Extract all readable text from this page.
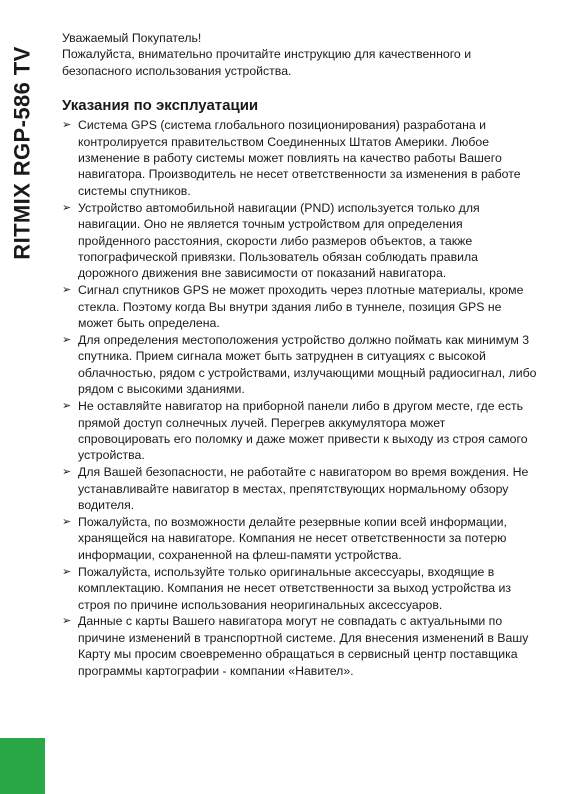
RITMIX RGP-586 TV

Уважаемый Покупатель!

Пожалуйста, внимательно прочитайте инструкцию для качественного и безопасного использования устройства.

Указания по эксплуатации
➢ Система GPS (система глобального позиционирования) разработана и контролируется правительством Соединенных Штатов Америки. Любое изменение в работу системы может повлиять на качество работы Вашего навигатора. Производитель не несет ответственности за изменения в работе системы спутников.
➢ Устройство автомобильной навигации (PND) используется только для навигации. Оно не является точным устройством для определения пройденного расстояния, скорости либо размеров объектов, а также топографической привязки. Пользователь обязан соблюдать правила дорожного движения вне зависимости от показаний навигатора.
➢ Сигнал спутников GPS не может проходить через плотные материалы, кроме стекла. Поэтому когда Вы внутри здания либо в туннеле, позиция GPS не может быть определена.
➢ Для определения местоположения устройство должно поймать как минимум 3 спутника. Прием сигнала может быть затруднен в ситуациях с высокой облачностью, рядом с устройствами, излучающими мощный радиосигнал, либо рядом с высокими зданиями.
➢ Не оставляйте навигатор на приборной панели либо в другом месте, где есть прямой доступ солнечных лучей. Перегрев аккумулятора может спровоцировать его поломку и даже может привести к выходу из строя самого устройства.
➢ Для Вашей безопасности, не работайте с навигатором во время вождения. Не устанавливайте навигатор в местах, препятствующих нормальному обзору водителя.
➢ Пожалуйста, по возможности делайте резервные копии всей информации, хранящейся на навигаторе. Компания не несет ответственности за потерю информации, сохраненной на флеш-памяти устройства.
➢ Пожалуйста, используйте только оригинальные аксессуары, входящие в комплектацию. Компания не несет ответственности за выход устройства из строя по причине использования неоригинальных аксессуаров.
➢ Данные с карты Вашего навигатора могут не совпадать с актуальными по причине изменений в транспортной системе. Для внесения изменений в Вашу Карту мы просим своевременно обращаться в сервисный центр поставщика программы картографии - компании «Навител».
